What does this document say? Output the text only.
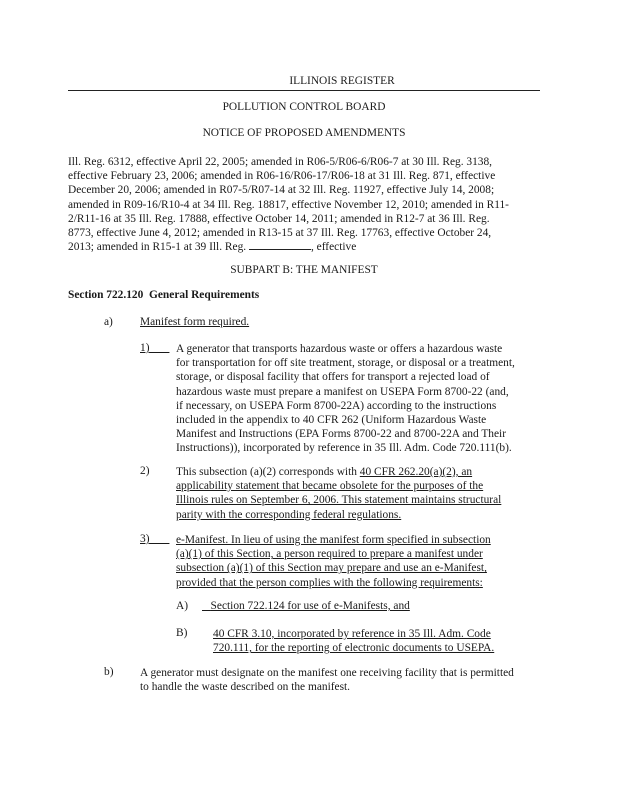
ILLINOIS REGISTER
POLLUTION CONTROL BOARD
NOTICE OF PROPOSED AMENDMENTS
Ill. Reg. 6312, effective April 22, 2005; amended in R06-5/R06-6/R06-7 at 30 Ill. Reg. 3138,
effective February 23, 2006; amended in R06-16/R06-17/R06-18 at 31 Ill. Reg. 871, effective
December 20, 2006; amended in R07-5/R07-14 at 32 Ill. Reg. 11927, effective July 14, 2008;
amended in R09-16/R10-4 at 34 Ill. Reg. 18817, effective November 12, 2010; amended in R11-
2/R11-16 at 35 Ill. Reg. 17888, effective October 14, 2011; amended in R12-7 at 36 Ill. Reg.
8773, effective June 4, 2012; amended in R13-15 at 37 Ill. Reg. 17763, effective October 24,
2013; amended in R15-1 at 39 Ill. Reg.	, effective
SUBPART B: THE MANIFEST
Section 722.120 General Requirements
a) Manifest form required.
1)	A generator that transports hazardous waste or offers a hazardous waste
for transportation for off site treatment, storage, or disposal or a treatment,
storage, or disposal facility that offers for transport a rejected load of
hazardous waste must prepare a manifest on USEPA Form 8700-22 (and,
if necessary, on USEPA Form 8700-22A) according to the instructions
included in the appendix to 40 CFR 262 (Uniform Hazardous Waste
Manifest and Instructions (EPA Forms 8700-22 and 8700-22A and Their
Instructions)), incorporated by reference in 35 Ill. Adm. Code 720.111(b).
2) This subsection (a)(2) corresponds with 40 CFR 262.20(a)(2), an
applicability statement that became obsolete for the purposes of the
Illinois rules on September 6, 2006. This statement maintains structural
parity with the corresponding federal regulations.
3)	e-Manifest. In lieu of using the manifest form specified in subsection
(a)(1) of this Section, a person required to prepare a manifest under
subsection (a)(1) of this Section may prepare and use an e-Manifest,
provided that the person complies with the following requirements:
A)	Section 722.124 for use of e-Manifests, and
B) 40 CFR 3.10, incorporated by reference in 35 Ill. Adm. Code
720.111, for the reporting of electronic documents to USEPA.
b) A generator must designate on the manifest one receiving facility that is permitted
to handle the waste described on the manifest.
